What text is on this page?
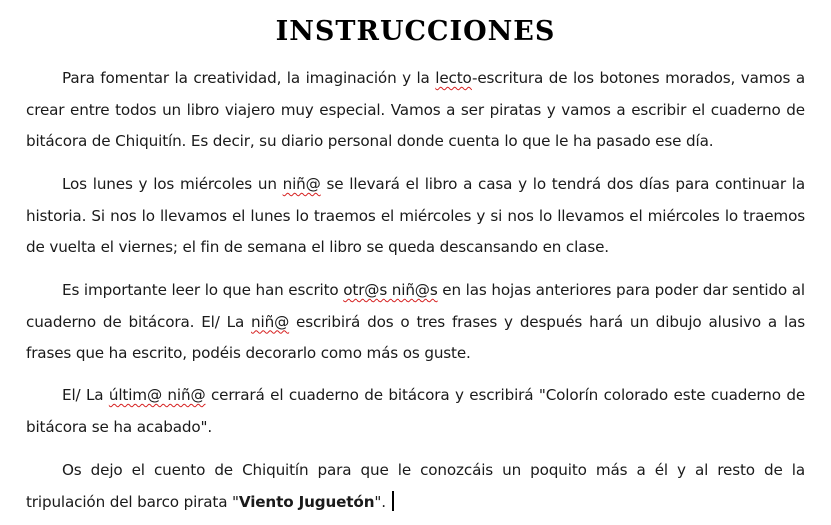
INSTRUCCIONES

Para fomentar la creatividad, la imaginación y la lecto-escritura de los botones morados, vamos a crear entre todos un libro viajero muy especial. Vamos a ser piratas y vamos a escribir el cuaderno de bitácora de Chiquitín. Es decir, su diario personal donde cuenta lo que le ha pasado ese día.

Los lunes y los miércoles un niñ@ se llevará el libro a casa y lo tendrá dos días para continuar la historia. Si nos lo llevamos el lunes lo traemos el miércoles y si nos lo llevamos el miércoles lo traemos de vuelta el viernes; el fin de semana el libro se queda descansando en clase.

Es importante leer lo que han escrito otr@s niñ@s en las hojas anteriores para poder dar sentido al cuaderno de bitácora. El/ La niñ@ escribirá dos o tres frases y después hará un dibujo alusivo a las frases que ha escrito, podéis decorarlo como más os guste.

El/ La últim@ niñ@ cerrará el cuaderno de bitácora y escribirá "Colorín colorado este cuaderno de bitácora se ha acabado".

Os dejo el cuento de Chiquitín para que le conozcáis un poquito más a él y al resto de la tripulación del barco pirata "Viento Juguetón".
